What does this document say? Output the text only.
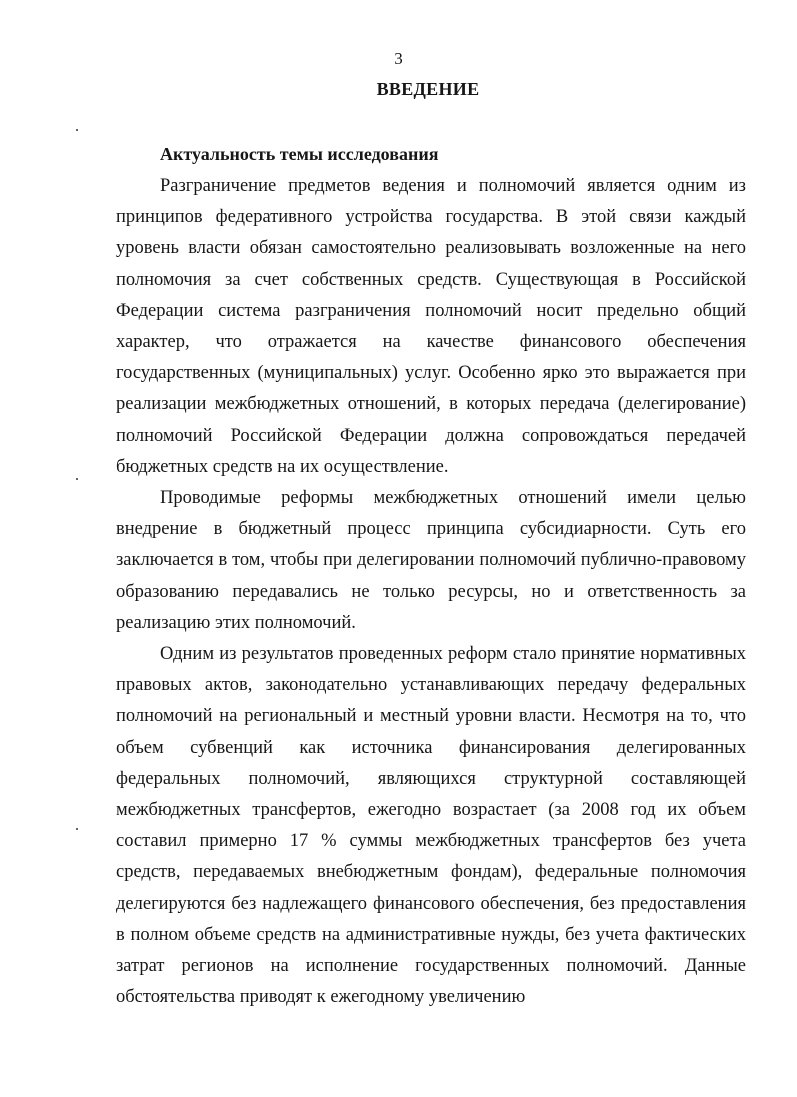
3
ВВЕДЕНИЕ
Актуальность темы исследования

Разграничение предметов ведения и полномочий является одним из принципов федеративного устройства государства. В этой связи каждый уровень власти обязан самостоятельно реализовывать возложенные на него полномочия за счет собственных средств. Существующая в Российской Федерации система разграничения полномочий носит предельно общий характер, что отражается на качестве финансового обеспечения государственных (муниципальных) услуг. Особенно ярко это выражается при реализации межбюджетных отношений, в которых передача (делегирование) полномочий Российской Федерации должна сопровождаться передачей бюджетных средств на их осуществление.

Проводимые реформы межбюджетных отношений имели целью внедрение в бюджетный процесс принципа субсидиарности. Суть его заключается в том, чтобы при делегировании полномочий публично-правовому образованию передавались не только ресурсы, но и ответственность за реализацию этих полномочий.

Одним из результатов проведенных реформ стало принятие нормативных правовых актов, законодательно устанавливающих передачу федеральных полномочий на региональный и местный уровни власти. Несмотря на то, что объем субвенций как источника финансирования делегированных федеральных полномочий, являющихся структурной составляющей межбюджетных трансфертов, ежегодно возрастает (за 2008 год их объем составил примерно 17 % суммы межбюджетных трансфертов без учета средств, передаваемых внебюджетным фондам), федеральные полномочия делегируются без надлежащего финансового обеспечения, без предоставления в полном объеме средств на административные нужды, без учета фактических затрат регионов на исполнение государственных полномочий. Данные обстоятельства приводят к ежегодному увеличению
